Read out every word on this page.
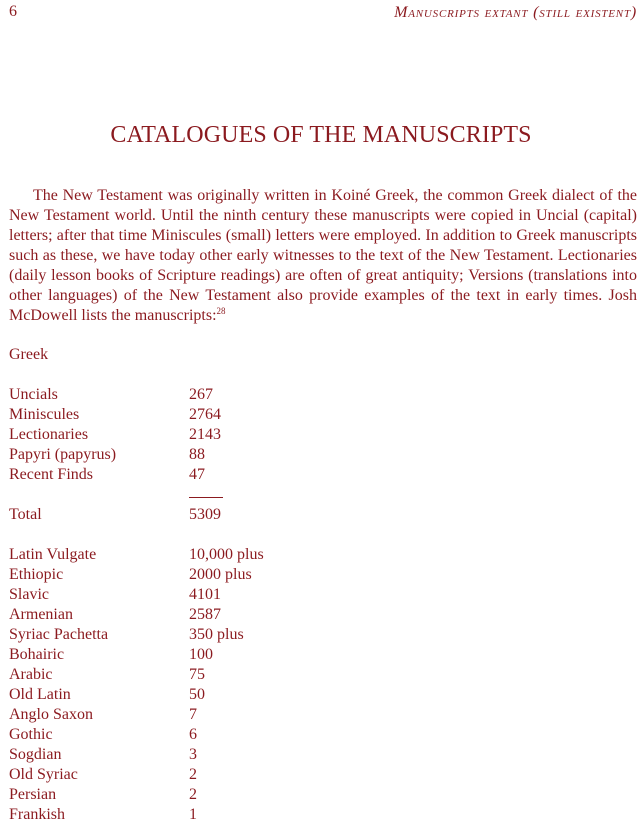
6	Manuscripts extant (still existent)
CATALOGUES OF THE MANUSCRIPTS

The New Testament was originally written in Koiné Greek, the common Greek dialect of the New Testament world. Until the ninth century these manuscripts were copied in Uncial (capital) letters; after that time Miniscules (small) letters were employed. In addition to Greek manuscripts such as these, we have today other early witnesses to the text of the New Testament. Lectionaries (daily lesson books of Scripture readings) are often of great antiquity; Versions (translations into other languages) of the New Testament also provide examples of the text in early times. Josh McDowell lists the manuscripts:$^{28}$

Greek
Uncials	267
Miniscules	2764
Lectionaries	2143
Papyri (papyrus)	88
Recent Finds	47
Total	5309
Latin Vulgate	10,000 plus
Ethiopic	2000 plus
Slavic	4101
Armenian	2587
Syriac Pachetta	350 plus
Bohairic	100
Arabic	75
Old Latin	50
Anglo Saxon	7
Gothic	6
Sogdian	3
Old Syriac	2
Persian	2
Frankish	1
